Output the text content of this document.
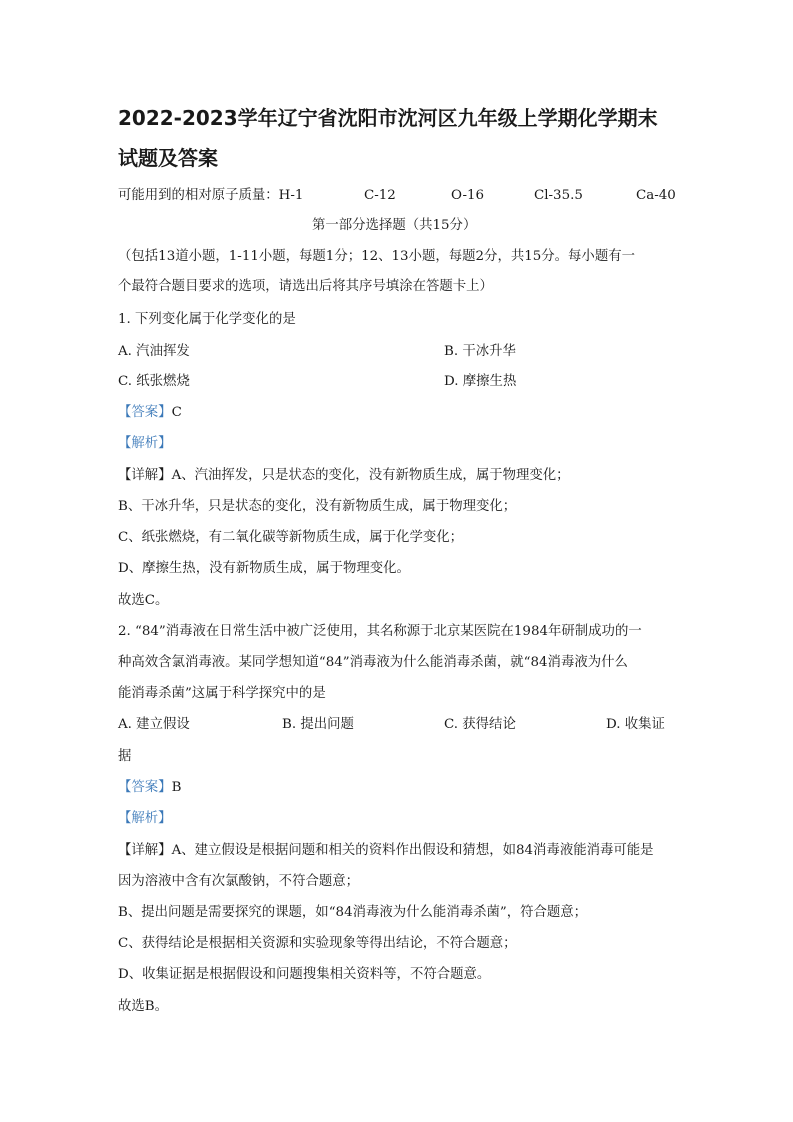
2022-2023学年辽宁省沈阳市沈河区九年级上学期化学期末
试题及答案
可能用到的相对原子质量：H-1	C-12	O-16	Cl-35.5	Ca-40
第一部分选择题（共15分）
（包括13道小题，1-11小题，每题1分；12、13小题，每题2分，共15分。每小题有一
个最符合题目要求的选项，请选出后将其序号填涂在答题卡上）
1. 下列变化属于化学变化的是
A. 汽油挥发	B. 干冰升华
C. 纸张燃烧	D. 摩擦生热
【答案】C
【解析】
【详解】A、汽油挥发，只是状态的变化，没有新物质生成，属于物理变化；
B、干冰升华，只是状态的变化，没有新物质生成，属于物理变化；
C、纸张燃烧，有二氧化碳等新物质生成，属于化学变化；
D、摩擦生热，没有新物质生成，属于物理变化。
故选C。
2. “84”消毒液在日常生活中被广泛使用，其名称源于北京某医院在1984年研制成功的一
种高效含氯消毒液。某同学想知道“84”消毒液为什么能消毒杀菌，就“84消毒液为什么
能消毒杀菌”这属于科学探究中的是
A. 建立假设	B. 提出问题	C. 获得结论	D. 收集证
据
【答案】B
【解析】
【详解】A、建立假设是根据问题和相关的资料作出假设和猜想，如84消毒液能消毒可能是
因为溶液中含有次氯酸钠，不符合题意；
B、提出问题是需要探究的课题，如“84消毒液为什么能消毒杀菌”，符合题意；
C、获得结论是根据相关资源和实验现象等得出结论，不符合题意；
D、收集证据是根据假设和问题搜集相关资料等，不符合题意。
故选B。
